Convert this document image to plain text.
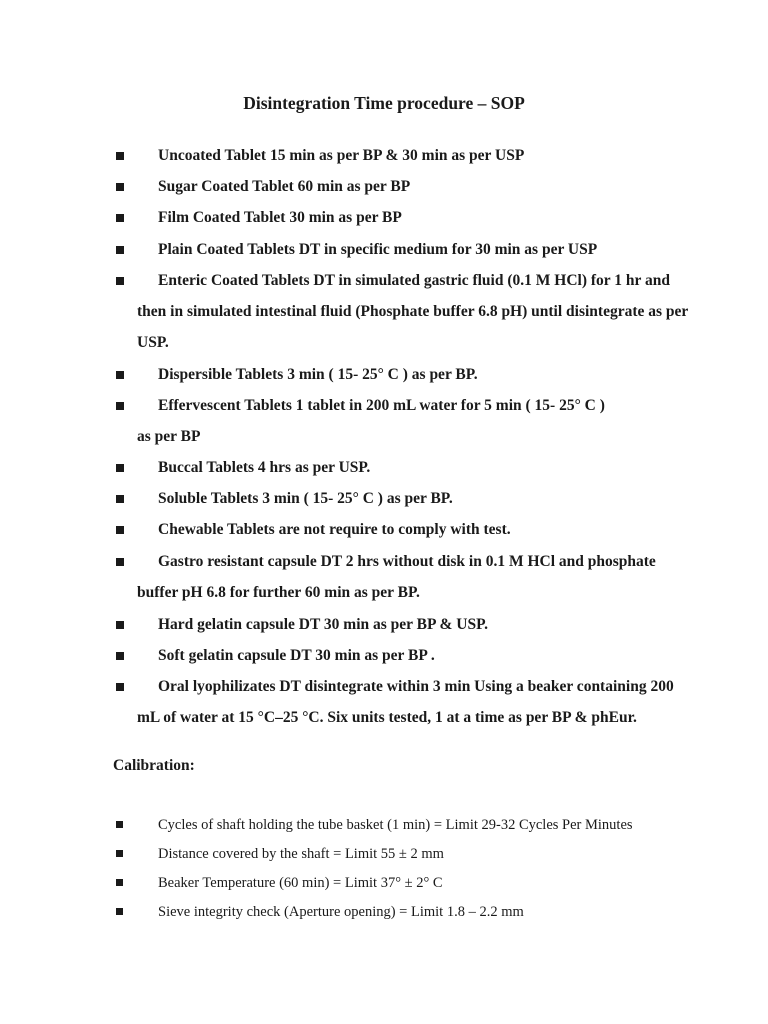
Disintegration Time procedure – SOP
Uncoated Tablet 15 min as per BP & 30 min as per USP
Sugar Coated Tablet 60 min as per BP
Film Coated Tablet 30 min as per BP
Plain Coated Tablets DT in specific medium for 30 min as per USP
Enteric Coated Tablets DT in simulated gastric fluid (0.1 M HCl) for 1 hr and
then in simulated intestinal fluid (Phosphate buffer 6.8 pH) until disintegrate as per
USP.
Dispersible Tablets 3 min ( 15- 25° C ) as per BP.
Effervescent Tablets 1 tablet in 200 mL water for 5 min ( 15- 25° C )
as per BP
Buccal Tablets 4 hrs as per USP.
Soluble Tablets 3 min ( 15- 25° C ) as per BP.
Chewable Tablets are not require to comply with test.
Gastro resistant capsule DT 2 hrs without disk in 0.1 M HCl and phosphate
buffer pH 6.8 for further 60 min as per BP.
Hard gelatin capsule DT 30 min as per BP & USP.
Soft gelatin capsule DT 30 min as per BP .
Oral lyophilizates DT disintegrate within 3 min Using a beaker containing 200
mL of water at 15 °C–25 °C. Six units tested, 1 at a time as per BP & phEur.
Calibration:
Cycles of shaft holding the tube basket (1 min) = Limit 29-32 Cycles Per Minutes
Distance covered by the shaft = Limit 55 ± 2 mm
Beaker Temperature (60 min) = Limit 37° ± 2° C
Sieve integrity check (Aperture opening) = Limit 1.8 – 2.2 mm
